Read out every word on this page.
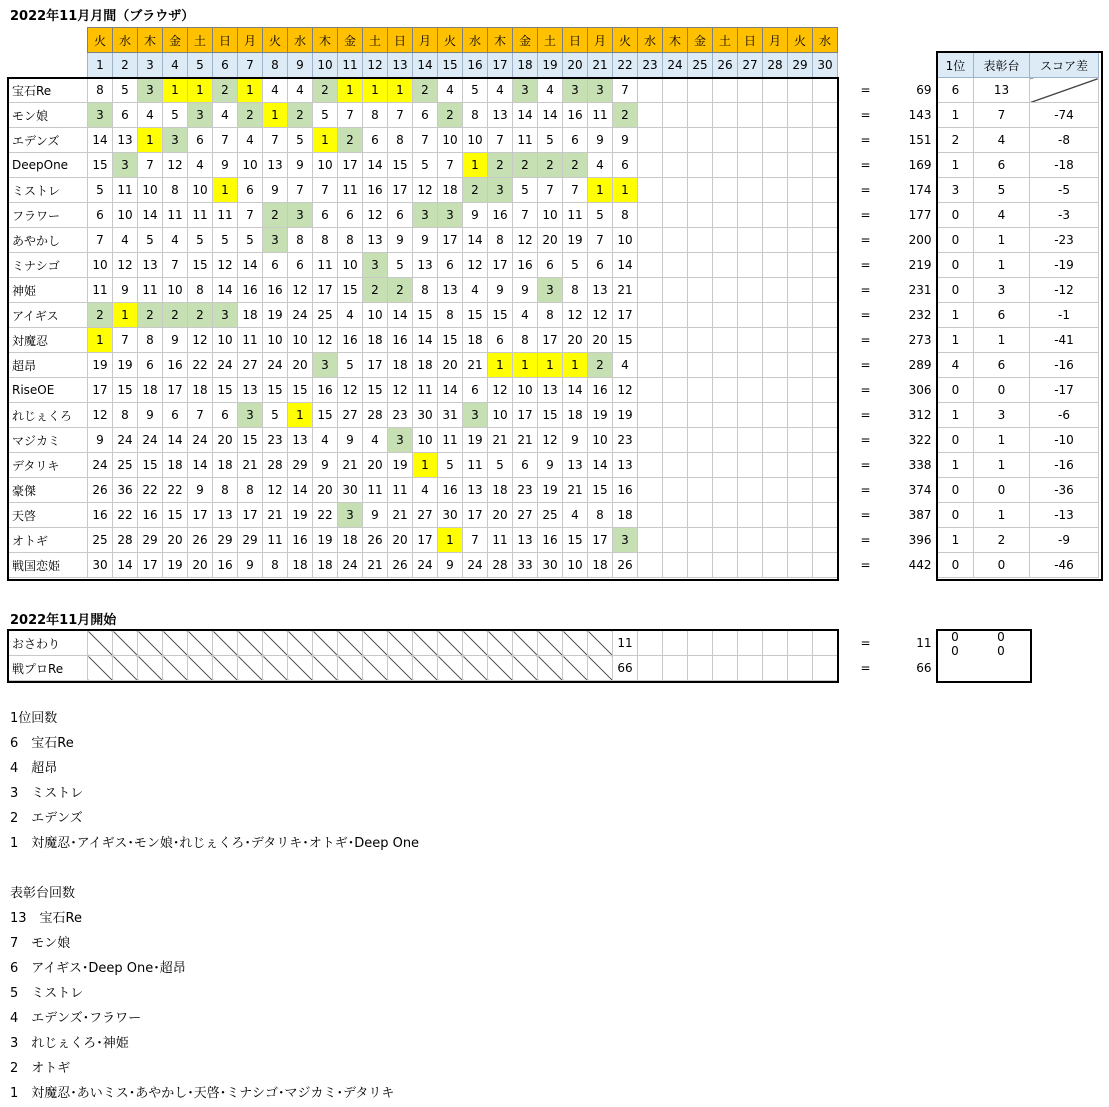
2022年11月月間（ブラウザ）
	火	水	木	金	土	日	月	火	水	木	金	土	日	月	火	水	木	金	土	日	月	火	水	木	金	土	日	月	火	水			
	1	2	3	4	5	6	7	8	9	10	11	12	13	14	15	16	17	18	19	20	21	22	23	24	25	26	27	28	29	30			
宝石Re	8	5	3	1	1	2	1	4	4	2	1	1	1	2	4	5	4	3	4	3	3	7										=	69
モン娘	3	6	4	5	3	4	2	1	2	5	7	8	7	6	2	8	13	14	14	16	11	2										=	143
エデンズ	14	13	1	3	6	7	4	7	5	1	2	6	8	7	10	10	7	11	5	6	9	9										=	151
DeepOne	15	3	7	12	4	9	10	13	9	10	17	14	15	5	7	1	2	2	2	2	4	6										=	169
ミストレ	5	11	10	8	10	1	6	9	7	7	11	16	17	12	18	2	3	5	7	7	1	1										=	174
フラワー	6	10	14	11	11	11	7	2	3	6	6	12	6	3	3	9	16	7	10	11	5	8										=	177
あやかし	7	4	5	4	5	5	5	3	8	8	8	13	9	9	17	14	8	12	20	19	7	10										=	200
ミナシゴ	10	12	13	7	15	12	14	6	6	11	10	3	5	13	6	12	17	16	6	5	6	14										=	219
神姫	11	9	11	10	8	14	16	16	12	17	15	2	2	8	13	4	9	9	3	8	13	21										=	231
アイギス	2	1	2	2	2	3	18	19	24	25	4	10	14	15	8	15	15	4	8	12	12	17										=	232
対魔忍	1	7	8	9	12	10	11	10	10	12	16	18	16	14	15	18	6	8	17	20	20	15										=	273
超昂	19	19	6	16	22	24	27	24	20	3	5	17	18	18	20	21	1	1	1	1	2	4										=	289
RiseOE	17	15	18	17	18	15	13	15	15	16	12	15	12	11	14	6	12	10	13	14	16	12										=	306
れじぇくろ	12	8	9	6	7	6	3	5	1	15	27	28	23	30	31	3	10	17	15	18	19	19										=	312
マジカミ	9	24	24	14	24	20	15	23	13	4	9	4	3	10	11	19	21	21	12	9	10	23										=	322
デタリキ	24	25	15	18	14	18	21	28	29	9	21	20	19	1	5	11	5	6	9	13	14	13										=	338
豪傑	26	36	22	22	9	8	8	12	14	20	30	11	11	4	16	13	18	23	19	21	15	16										=	374
天啓	16	22	16	15	17	13	17	21	19	22	3	9	21	27	30	17	20	27	25	4	8	18										=	387
オトギ	25	28	29	20	26	29	29	11	16	19	18	26	20	17	1	7	11	13	16	15	17	3										=	396
戦国恋姫	30	14	17	19	20	16	9	8	18	18	24	21	26	24	9	24	28	33	30	10	18	26										=	442
1位	表彰台	スコア差
6	13	
1	7	-74
2	4	-8
1	6	-18
3	5	-5
0	4	-3
0	1	-23
0	1	-19
0	3	-12
1	6	-1
1	1	-41
4	6	-16
0	0	-17
1	3	-6
0	1	-10
1	1	-16
0	0	-36
0	1	-13
1	2	-9
0	0	-46
2022年11月開始
おさわり																						11										=	11
戦プロRe																						66										=	66
0	0
0	0
1位回数
6　宝石Re
4　超昂
3　ミストレ
2　エデンズ
1　対魔忍･アイギス･モン娘･れじぇくろ･デタリキ･オトギ･Deep One
表彰台回数
13　宝石Re
7　モン娘
6　アイギス･Deep One･超昂
5　ミストレ
4　エデンズ･フラワー
3　れじぇくろ･神姫
2　オトギ
1　対魔忍･あいミス･あやかし･天啓･ミナシゴ･マジカミ･デタリキ
